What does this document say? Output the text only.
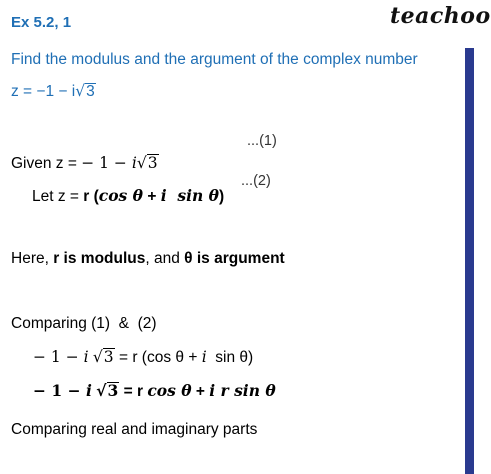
Ex 5.2, 1	teachoo
Find the modulus and the argument of the complex number
z = −1 − i√3
...(1)
...(2)
Given z = − 1 − i√3
Let z = r (cos θ + i  sin θ)
Here, r is modulus, and θ is argument
Comparing (1)  &  (2)
− 1 − i √3 = r (cos θ + i  sin θ)
− 1 − i √3 = r cos θ + i r sin θ
Comparing real and imaginary parts
